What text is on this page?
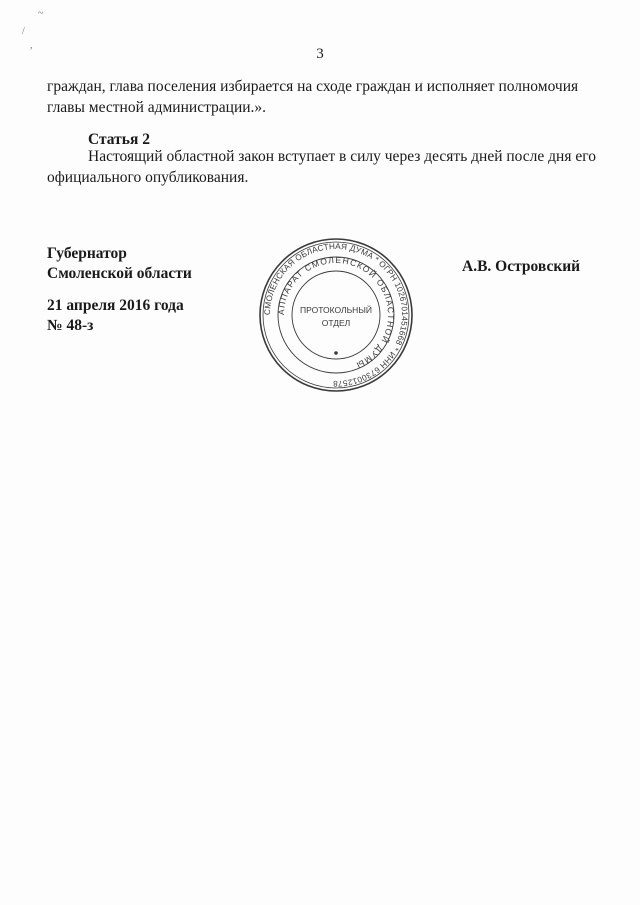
~
/
,
3
граждан, глава поселения избирается на сходе граждан и исполняет полномочия
главы местной администрации.».
Статья 2
Настоящий областной закон вступает в силу через десять дней после дня его
официального опубликования.
Губернатор
Смоленской области	А.В. Островский
21 апреля 2016 года
№ 48-з
СМОЛЕНСКАЯ ОБЛАСТНАЯ ДУМА * ОГРН 1026701451668 * ИНН 6730012578
АППАРАТ СМОЛЕНСКОЙ ОБЛАСТНОЙ ДУМЫ
ПРОТОКОЛЬНЫЙ
ОТДЕЛ
